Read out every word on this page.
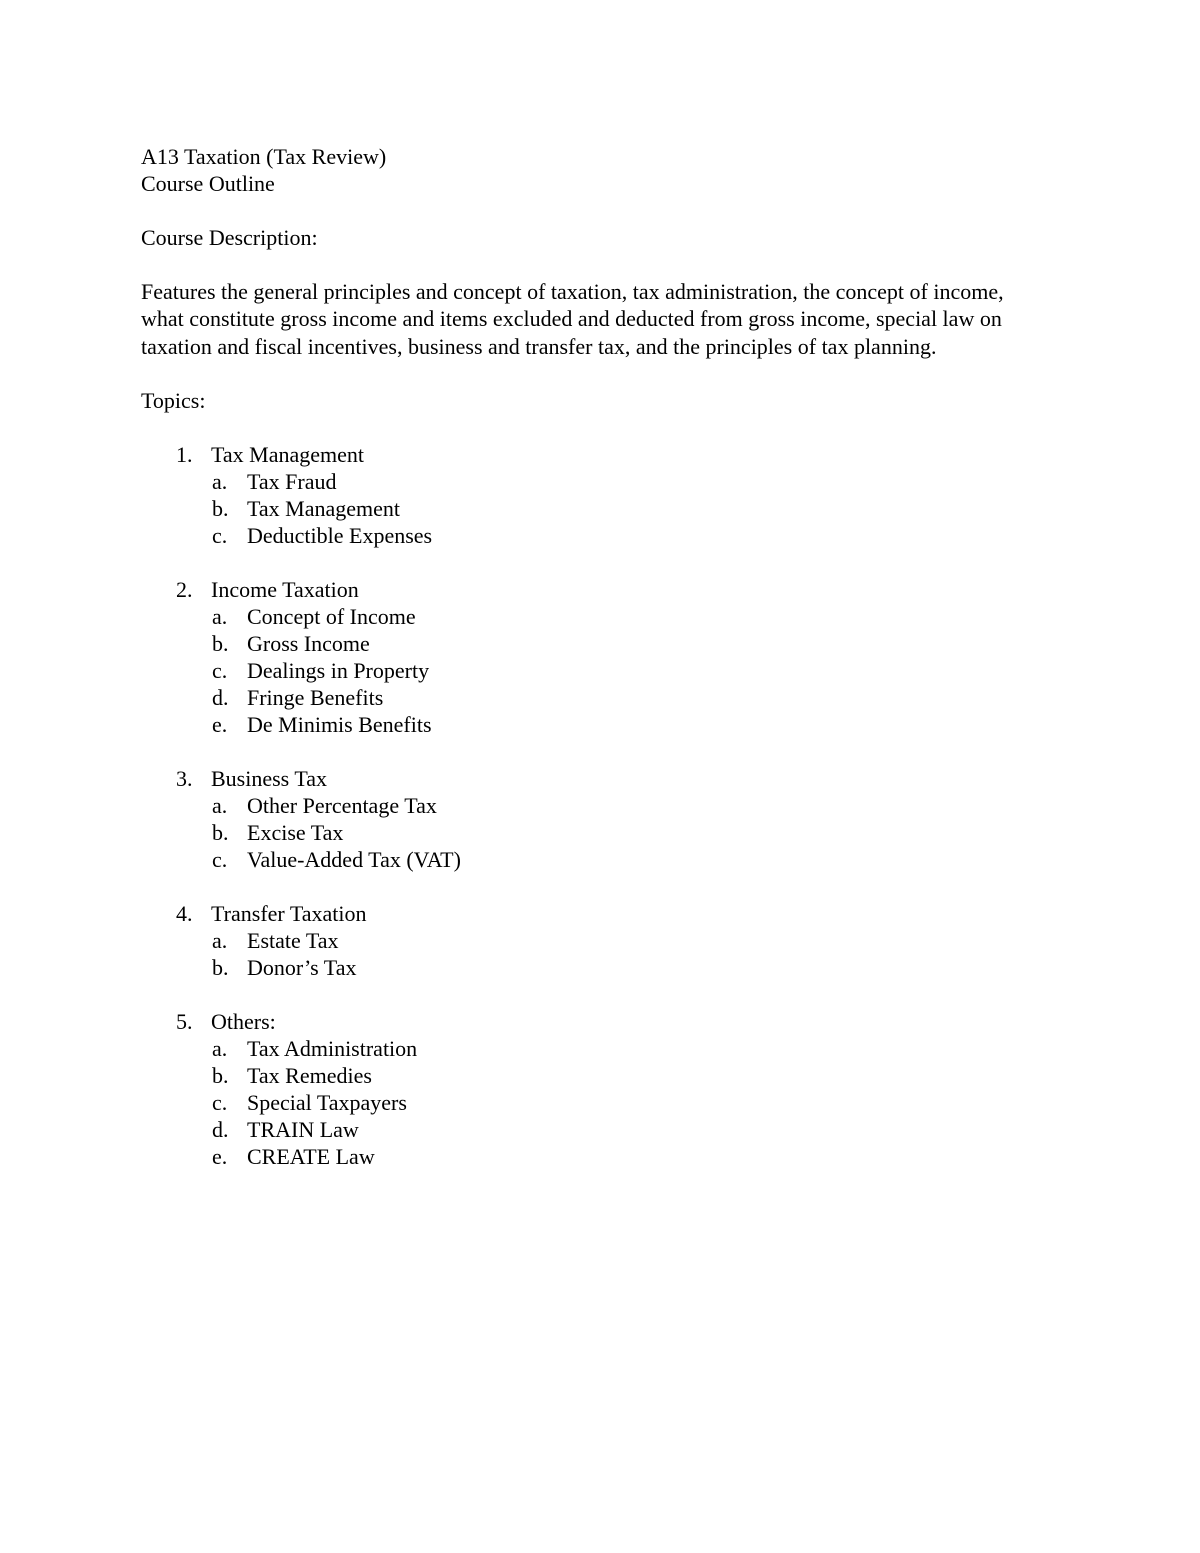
A13 Taxation (Tax Review)
Course Outline
Course Description:

Features the general principles and concept of taxation, tax administration, the concept of income, what constitute gross income and items excluded and deducted from gross income, special law on taxation and fiscal incentives, business and transfer tax, and the principles of tax planning.

Topics:
1. Tax Management
a. Tax Fraud
b. Tax Management
c. Deductible Expenses
2. Income Taxation
a. Concept of Income
b. Gross Income
c. Dealings in Property
d. Fringe Benefits
e. De Minimis Benefits
3. Business Tax
a. Other Percentage Tax
b. Excise Tax
c. Value-Added Tax (VAT)
4. Transfer Taxation
a. Estate Tax
b. Donor’s Tax
5. Others:
a. Tax Administration
b. Tax Remedies
c. Special Taxpayers
d. TRAIN Law
e. CREATE Law
